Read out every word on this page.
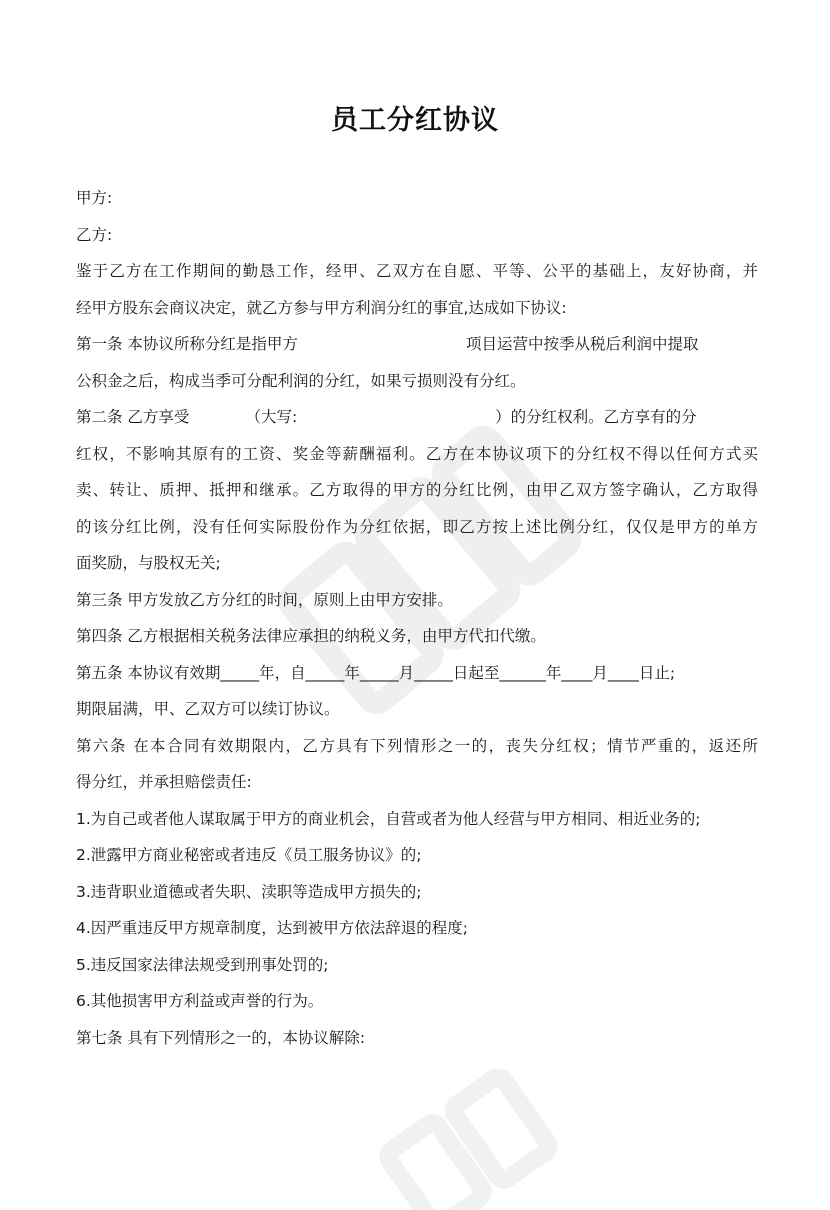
员工分红协议
甲方:
乙方:
鉴于乙方在工作期间的勤恳工作，经甲、乙双方在自愿、平等、公平的基础上，友好协商，并
经甲方股东会商议决定，就乙方参与甲方利润分红的事宜,达成如下协议:
第一条 本协议所称分红是指甲方	项目运营中按季从税后利润中提取
公积金之后，构成当季可分配利润的分红，如果亏损则没有分红。
第二条 乙方享受	（大写:	）的分红权利。乙方享有的分
红权，不影响其原有的工资、奖金等薪酬福利。乙方在本协议项下的分红权不得以任何方式买
卖、转让、质押、抵押和继承。乙方取得的甲方的分红比例，由甲乙双方签字确认，乙方取得
的该分红比例，没有任何实际股份作为分红依据，即乙方按上述比例分红，仅仅是甲方的单方
面奖励，与股权无关;
第三条 甲方发放乙方分红的时间，原则上由甲方安排。
第四条 乙方根据相关税务法律应承担的纳税义务，由甲方代扣代缴。
第五条 本协议有效期_____年，自_____年_____月_____日起至______年____月____日止;
期限届满，甲、乙双方可以续订协议。
第六条 在本合同有效期限内，乙方具有下列情形之一的，丧失分红权；情节严重的，返还所
得分红，并承担赔偿责任:
1.为自己或者他人谋取属于甲方的商业机会，自营或者为他人经营与甲方相同、相近业务的;
2.泄露甲方商业秘密或者违反《员工服务协议》的;
3.违背职业道德或者失职、渎职等造成甲方损失的;
4.因严重违反甲方规章制度，达到被甲方依法辞退的程度;
5.违反国家法律法规受到刑事处罚的;
6.其他损害甲方利益或声誉的行为。
第七条 具有下列情形之一的，本协议解除:
